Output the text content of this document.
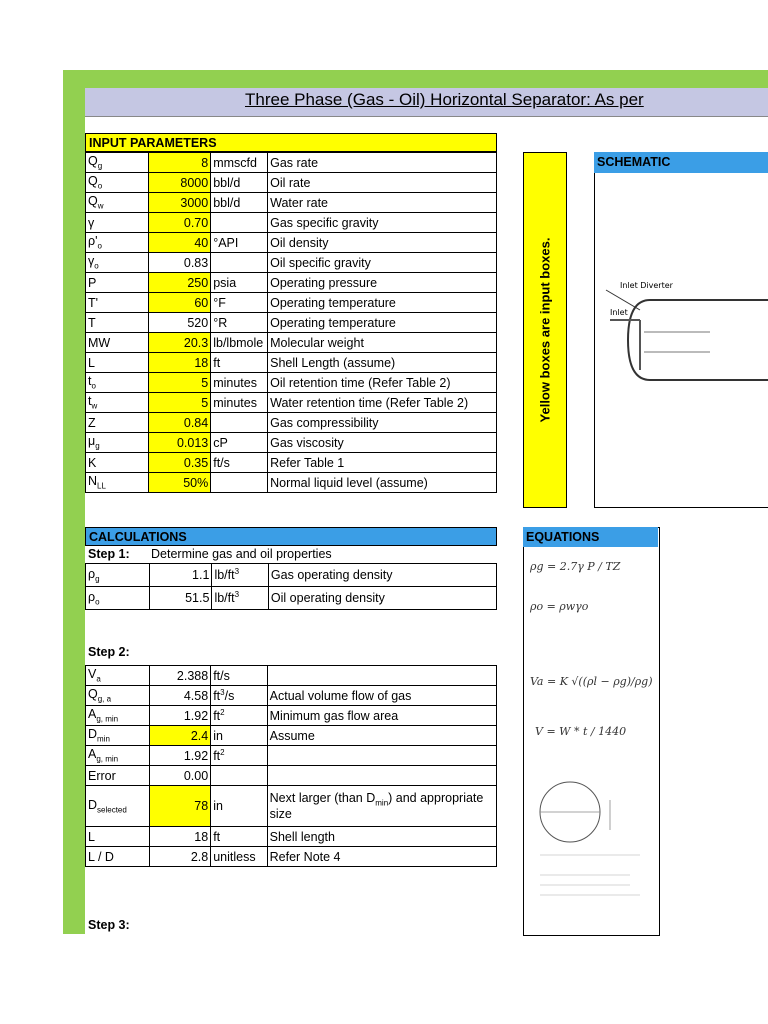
Three Phase (Gas - Oil) Horizontal Separator: As per
INPUT PARAMETERS
$Q_g$	8	mmscfd	Gas rate
$Q_o$	8000	bbl/d	Oil rate
$Q_w$	3000	bbl/d	Water rate
γ	0.70		Gas specific gravity
$\rho'_o$	40	°API	Oil density
$\gamma_o$	0.83		Oil specific gravity
P	250	psia	Operating pressure
T'	60	°F	Operating temperature
T	520	°R	Operating temperature
MW	20.3	lb/lbmole	Molecular weight
L	18	ft	Shell Length (assume)
$t_o$	5	minutes	Oil retention time (Refer Table 2)
$t_w$	5	minutes	Water retention time (Refer Table 2)
Z	0.84		Gas compressibility
$\mu_g$	0.013	cP	Gas viscosity
K	0.35	ft/s	Refer Table 1
$N_{LL}$	50%		Normal liquid level (assume)
Yellow boxes are input boxes.
SCHEMATIC
Inlet Diverter
Inlet
CALCULATIONS
Step 1: Determine gas and oil properties
$\rho_g$	1.1	$lb/ft^3$	Gas operating density
$\rho_o$	51.5	$lb/ft^3$	Oil operating density
Step 2:
$V_a$	2.388	ft/s	
$Q_{g, a}$	4.58	$ft^3/s$	Actual volume flow of gas
$A_{g, min}$	1.92	$ft^2$	Minimum gas flow area
$D_{min}$	2.4	in	Assume
$A_{g, min}$	1.92	$ft^2$	
Error	0.00		
$D_{selected}$	78	in	Next larger (than $D_{min}$) and appropriate
size
L	18	ft	Shell length
L / D	2.8	unitless	Refer Note 4
Step 3:
EQUATIONS
ρg = 2.7γ P / TZ
ρo = ρwγo
Va = K √((ρl − ρg)/ρg)
V = W * t / 1440
